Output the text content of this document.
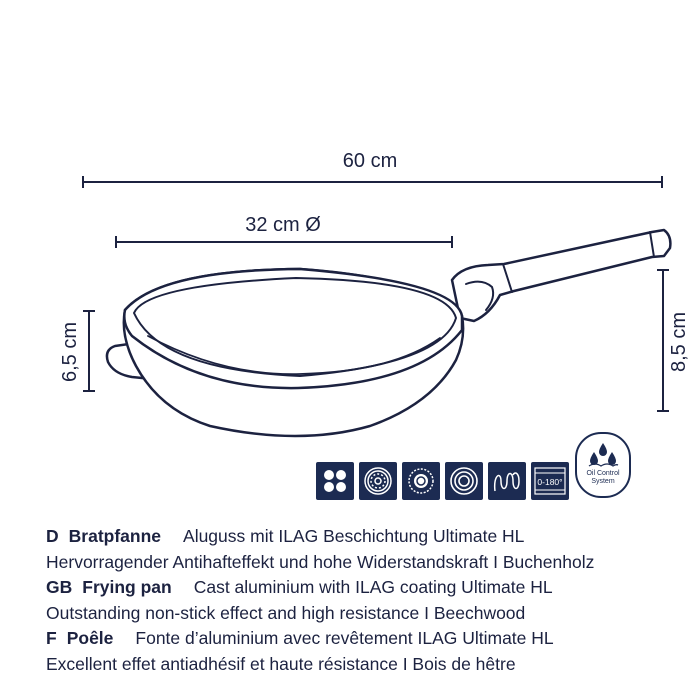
60 cm
32 cm Ø
6,5 cm	8,5 cm
0-180°
Oil Control
System
D Bratpfanne Aluguss mit ILAG Beschichtung Ultimate HL
Hervorragender Antihafteffekt und hohe Widerstandskraft I Buchenholz
GB Frying pan Cast aluminium with ILAG coating Ultimate HL
Outstanding non-stick effect and high resistance I Beechwood
F Poêle Fonte d’aluminium avec revêtement ILAG Ultimate HL
Excellent effet antiadhésif et haute résistance I Bois de hêtre
